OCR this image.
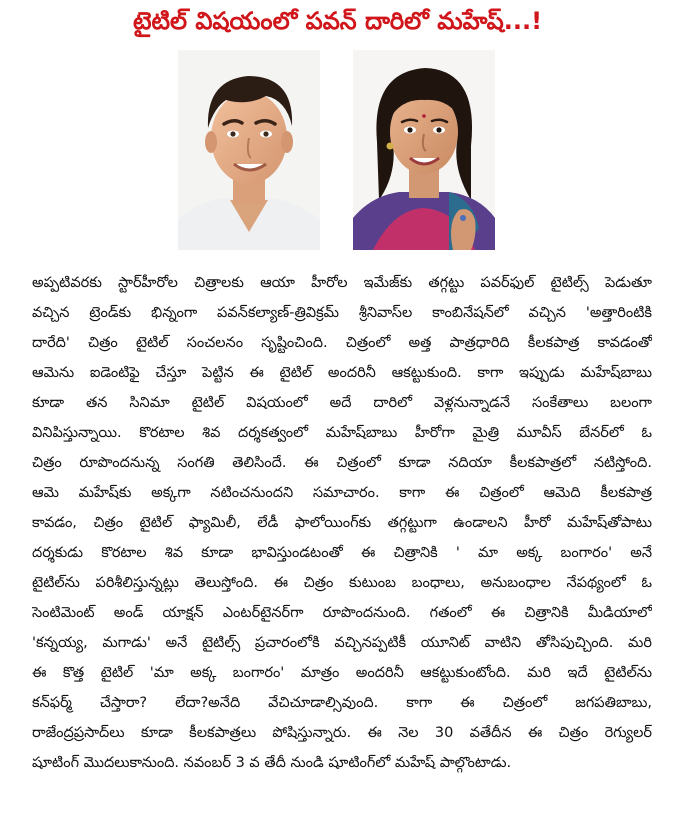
టైటిల్ విషయంలో పవన్ దారిలో మహేష్...!
అప్పటివరకు స్టార్‌హీరోల చిత్రాలకు ఆయా హీరోల ఇమేజ్‌కు తగ్గట్టు పవర్‌ఫుల్ టైటిల్స్ పెడుతూ
వచ్చిన ట్రెండ్‌కు భిన్నంగా పవన్‌కల్యాణ్-త్రివిక్రమ్ శ్రీనివాస్‌ల కాంబినేషన్‌లో వచ్చిన 'అత్తారింటికి
దారేది' చిత్రం టైటిల్ సంచలనం సృష్టించింది. చిత్రంలో అత్త పాత్రధారిది కీలకపాత్ర కావడంతో
ఆమెను ఐడెంటిఫై చేస్తూ పెట్టిన ఈ టైటిల్ అందరినీ ఆకట్టుకుంది. కాగా ఇప్పుడు మహేష్‌బాబు
కూడా తన సినిమా టైటిల్ విషయంలో అదే దారిలో వెళ్లనున్నాడనే సంకేతాలు బలంగా
వినిపిస్తున్నాయి. కొరటాల శివ దర్శకత్వంలో మహేష్‌బాబు హీరోగా మైత్రి మూవీస్ బేనర్‌లో ఓ
చిత్రం రూపొందనున్న సంగతి తెలిసిందే. ఈ చిత్రంలో కూడా నదియా కీలకపాత్రలో నటిస్తోంది.
ఆమె మహేష్‌కు అక్కగా నటించనుందని సమాచారం. కాగా ఈ చిత్రంలో ఆమెది కీలకపాత్ర
కావడం, చిత్రం టైటిల్ ఫ్యామిలీ, లేడీ ఫాలోయింగ్‌కు తగ్గట్టుగా ఉండాలని హీరో మహేష్‌తోపాటు
దర్శకుడు కొరటాల శివ కూడా భావిస్తుండటంతో ఈ చిత్రానికి ' మా అక్క బంగారం' అనే
టైటిల్‌ను పరిశీలిస్తున్నట్లు తెలుస్తోంది. ఈ చిత్రం కుటుంబ బంధాలు, అనుబంధాల నేపథ్యంలో ఓ
సెంటిమెంట్ అండ్ యాక్షన్ ఎంటర్‌టైనర్‌గా రూపొందనుంది. గతంలో ఈ చిత్రానికి మీడియాలో
'కన్నయ్య, మగాడు' అనే టైటిల్స్ ప్రచారంలోకి వచ్చినప్పటికీ యూనిట్ వాటిని తోసిపుచ్చింది. మరి
ఈ కొత్త టైటిల్ 'మా అక్క బంగారం' మాత్రం అందరినీ ఆకట్టుకుంటోంది. మరి ఇదే టైటిల్‌ను
కన్‌ఫర్మ్ చేస్తారా? లేదా?అనేది వేచిచూడాల్సివుంది. కాగా ఈ చిత్రంలో జగపతిబాబు,
రాజేంద్రప్రసాద్‌లు కూడా కీలకపాత్రలు పోషిస్తున్నారు. ఈ నెల 30 వతేదీన ఈ చిత్రం రెగ్యులర్
షూటింగ్ మొదలుకానుంది. నవంబర్ 3 వ తేదీ నుండి షూటింగ్‌లో మహేష్ పాల్గొంటాడు.
